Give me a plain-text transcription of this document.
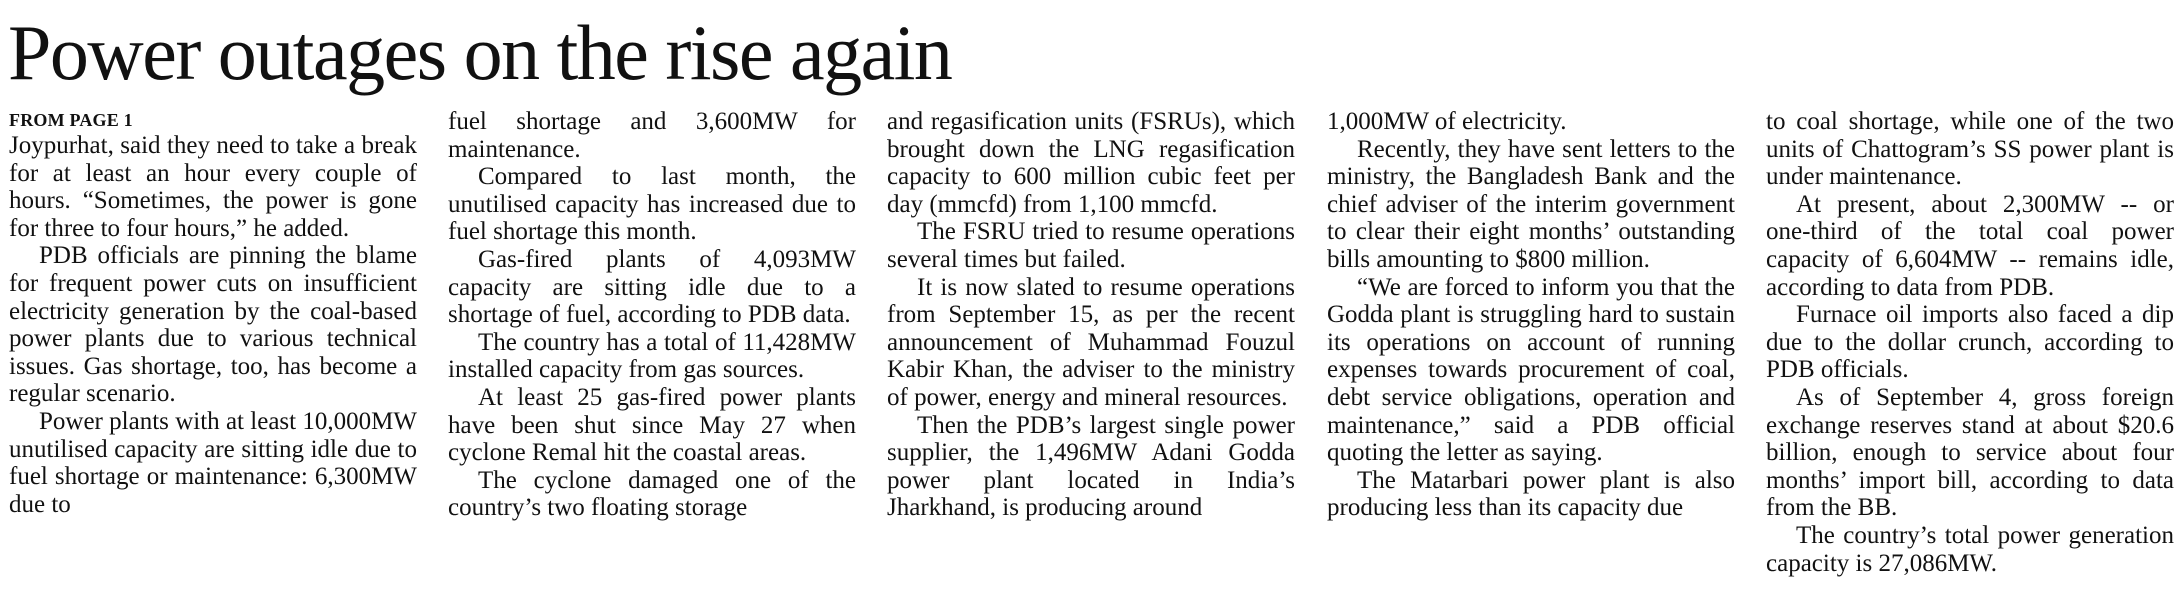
Power outages on the rise again
FROM PAGE 1

Joypurhat, said they need to take a break for at least an hour every couple of hours. “Sometimes, the power is gone for three to four hours,” he added.

PDB officials are pinning the blame for frequent power cuts on insufficient electricity generation by the coal-based power plants due to various technical issues. Gas shortage, too, has become a regular scenario.

Power plants with at least 10,000MW unutilised capacity are sitting idle due to fuel shortage or maintenance: 6,300MW due to

fuel shortage and 3,600MW for maintenance.

Compared to last month, the unutilised capacity has increased due to fuel shortage this month.

Gas-fired plants of 4,093MW capacity are sitting idle due to a shortage of fuel, according to PDB data.

The country has a total of 11,428MW installed capacity from gas sources.

At least 25 gas-fired power plants have been shut since May 27 when cyclone Remal hit the coastal areas.

The cyclone damaged one of the country’s two floating storage

and regasification units (FSRUs), which brought down the LNG regasification capacity to 600 million cubic feet per day (mmcfd) from 1,100 mmcfd.

The FSRU tried to resume operations several times but failed.

It is now slated to resume operations from September 15, as per the recent announcement of Muhammad Fouzul Kabir Khan, the adviser to the ministry of power, energy and mineral resources.

Then the PDB’s largest single power supplier, the 1,496MW Adani Godda power plant located in India’s Jharkhand, is producing around

1,000MW of electricity.

Recently, they have sent letters to the ministry, the Bangladesh Bank and the chief adviser of the interim government to clear their eight months’ outstanding bills amounting to $800 million.

“We are forced to inform you that the Godda plant is struggling hard to sustain its operations on account of running expenses towards procurement of coal, debt service obligations, operation and maintenance,” said a PDB official quoting the letter as saying.

The Matarbari power plant is also producing less than its capacity due

to coal shortage, while one of the two units of Chattogram’s SS power plant is under maintenance.

At present, about 2,300MW -- or one-third of the total coal power capacity of 6,604MW -- remains idle, according to data from PDB.

Furnace oil imports also faced a dip due to the dollar crunch, according to PDB officials.

As of September 4, gross foreign exchange reserves stand at about $20.6 billion, enough to service about four months’ import bill, according to data from the BB.

The country’s total power generation capacity is 27,086MW.
